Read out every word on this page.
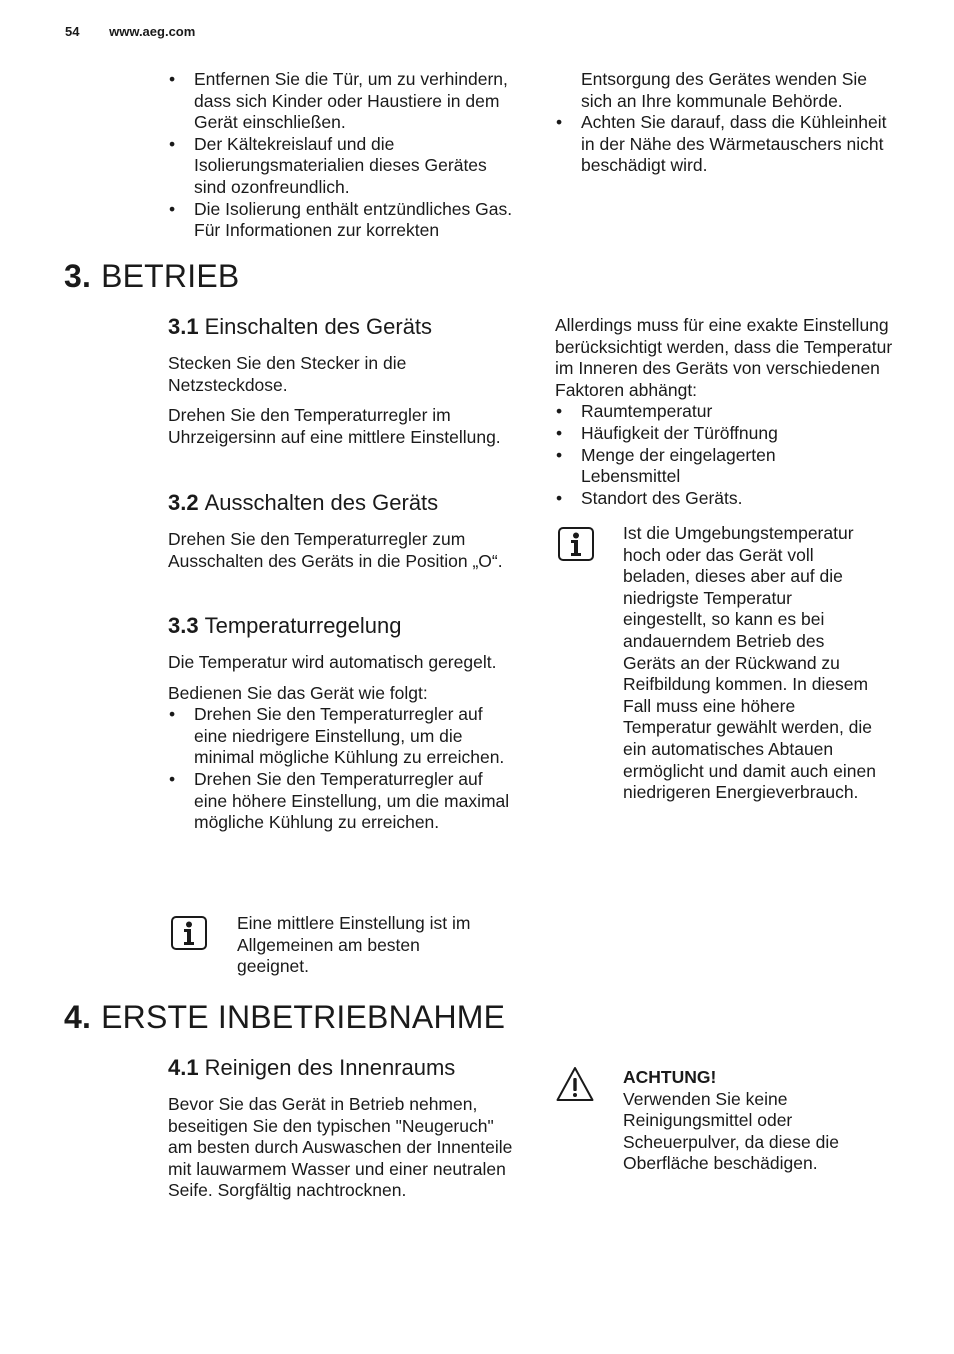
54 www.aeg.com
• Entfernen Sie die Tür, um zu verhindern, dass sich Kinder oder Haustiere in dem Gerät einschließen.
• Der Kältekreislauf und die Isolierungsmaterialien dieses Gerätes sind ozonfreundlich.
• Die Isolierung enthält entzündliches Gas. Für Informationen zur korrekten

Entsorgung des Gerätes wenden Sie sich an Ihre kommunale Behörde.

• Achten Sie darauf, dass die Kühleinheit in der Nähe des Wärmetauschers nicht beschädigt wird.
3. BETRIEB
3.1 Einschalten des Geräts

Stecken Sie den Stecker in die Netzsteckdose.

Drehen Sie den Temperaturregler im Uhrzeigersinn auf eine mittlere Einstellung.

3.2 Ausschalten des Geräts

Drehen Sie den Temperaturregler zum Ausschalten des Geräts in die Position „O“.

3.3 Temperaturregelung

Die Temperatur wird automatisch geregelt.

Bedienen Sie das Gerät wie folgt:

• Drehen Sie den Temperaturregler auf eine niedrigere Einstellung, um die minimal mögliche Kühlung zu erreichen.
• Drehen Sie den Temperaturregler auf eine höhere Einstellung, um die maximal mögliche Kühlung zu erreichen.
Eine mittlere Einstellung ist im Allgemeinen am besten geeignet.

Allerdings muss für eine exakte Einstellung berücksichtigt werden, dass die Temperatur im Inneren des Geräts von verschiedenen Faktoren abhängt:

• Raumtemperatur
• Häufigkeit der Türöffnung
• Menge der eingelagerten Lebensmittel
• Standort des Geräts.
Ist die Umgebungstemperatur hoch oder das Gerät voll beladen, dieses aber auf die niedrigste Temperatur eingestellt, so kann es bei andauerndem Betrieb des Geräts an der Rückwand zu Reifbildung kommen. In diesem Fall muss eine höhere Temperatur gewählt werden, die ein automatisches Abtauen ermöglicht und damit auch einen niedrigeren Energieverbrauch.
4. ERSTE INBETRIEBNAHME
4.1 Reinigen des Innenraums

Bevor Sie das Gerät in Betrieb nehmen, beseitigen Sie den typischen "Neugeruch" am besten durch Auswaschen der Innenteile mit lauwarmem Wasser und einer neutralen Seife. Sorgfältig nachtrocknen.

ACHTUNG!
Verwenden Sie keine Reinigungsmittel oder Scheuerpulver, da diese die Oberfläche beschädigen.
